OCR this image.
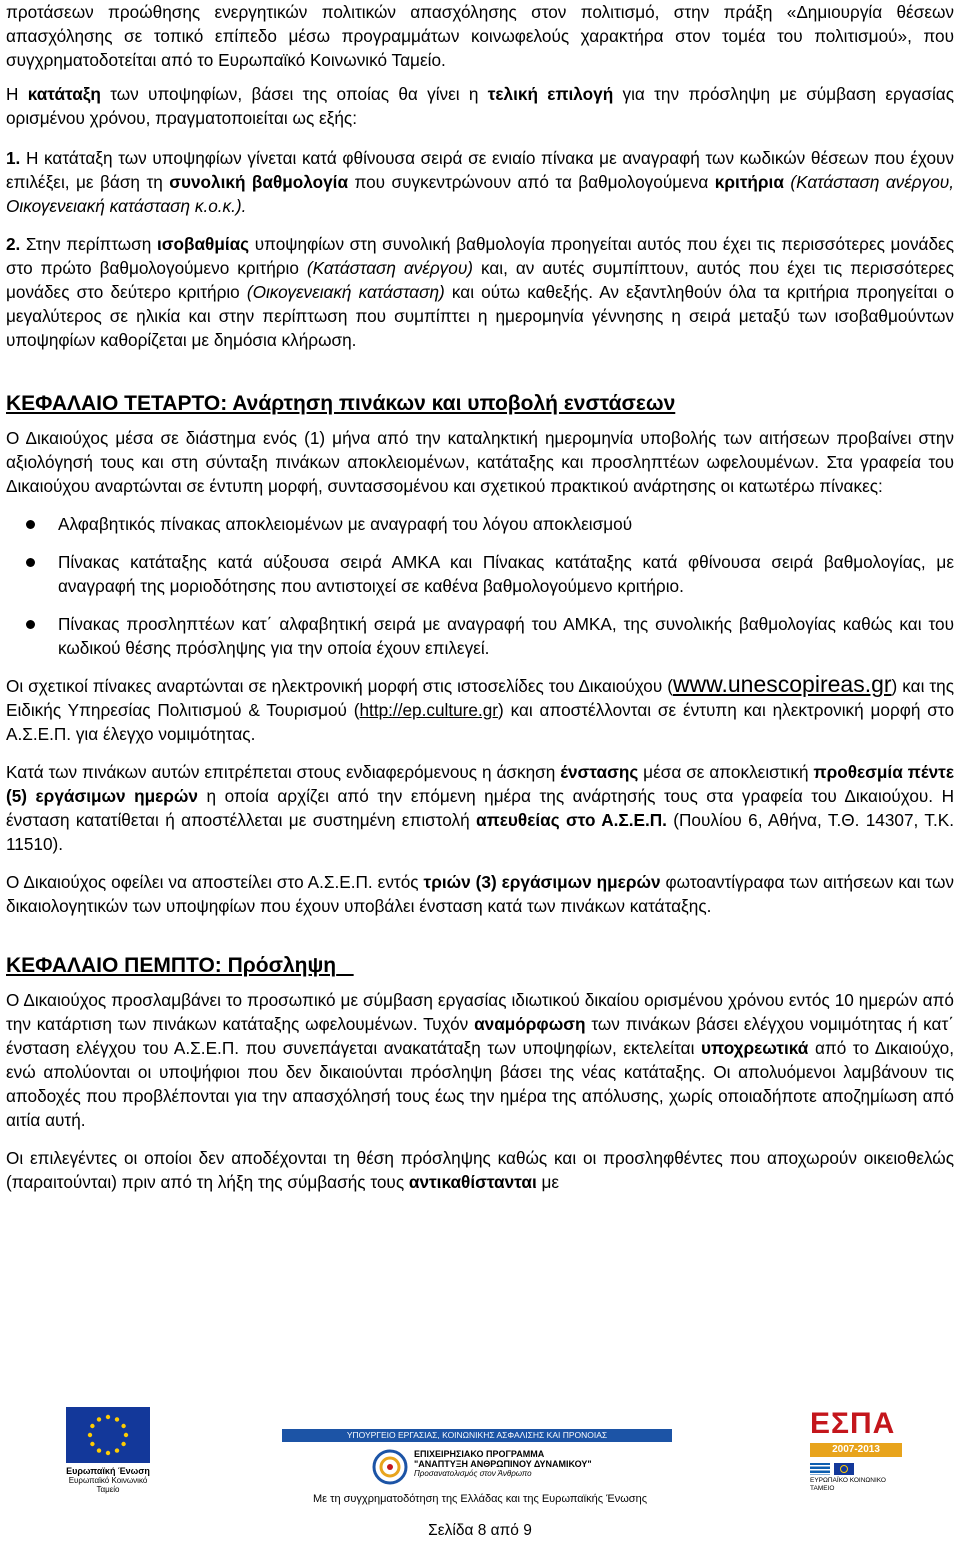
προτάσεων προώθησης ενεργητικών πολιτικών απασχόλησης στον πολιτισμό, στην πράξη «Δημιουργία θέσεων απασχόλησης σε τοπικό επίπεδο μέσω προγραμμάτων κοινωφελούς χαρακτήρα στον τομέα του πολιτισμού», που συγχρηματοδοτείται από το Ευρωπαϊκό Κοινωνικό Ταμείο.

Η κατάταξη των υποψηφίων, βάσει της οποίας θα γίνει η τελική επιλογή για την πρόσληψη με σύμβαση εργασίας ορισμένου χρόνου, πραγματοποιείται ως εξής:

1. Η κατάταξη των υποψηφίων γίνεται κατά φθίνουσα σειρά σε ενιαίο πίνακα με αναγραφή των κωδικών θέσεων που έχουν επιλέξει, με βάση τη συνολική βαθμολογία που συγκεντρώνουν από τα βαθμολογούμενα κριτήρια (Κατάσταση ανέργου, Οικογενειακή κατάσταση κ.ο.κ.).

2. Στην περίπτωση ισοβαθμίας υποψηφίων στη συνολική βαθμολογία προηγείται αυτός που έχει τις περισσότερες μονάδες στο πρώτο βαθμολογούμενο κριτήριο (Κατάσταση ανέργου) και, αν αυτές συμπίπτουν, αυτός που έχει τις περισσότερες μονάδες στο δεύτερο κριτήριο (Οικογενειακή κατάσταση) και ούτω καθεξής. Αν εξαντληθούν όλα τα κριτήρια προηγείται ο μεγαλύτερος σε ηλικία και στην περίπτωση που συμπίπτει η ημερομηνία γέννησης η σειρά μεταξύ των ισοβαθμούντων υποψηφίων καθορίζεται με δημόσια κλήρωση.

ΚΕΦΑΛΑΙΟ ΤΕΤΑΡΤΟ: Ανάρτηση πινάκων και υποβολή ενστάσεων

Ο Δικαιούχος μέσα σε διάστημα ενός (1) μήνα από την καταληκτική ημερομηνία υποβολής των αιτήσεων προβαίνει στην αξιολόγησή τους και στη σύνταξη πινάκων αποκλειομένων, κατάταξης και προσληπτέων ωφελουμένων. Στα γραφεία του Δικαιούχου αναρτώνται σε έντυπη μορφή, συντασσομένου και σχετικού πρακτικού ανάρτησης οι κατωτέρω πίνακες:

Αλφαβητικός πίνακας αποκλειομένων με αναγραφή του λόγου αποκλεισμού
Πίνακας κατάταξης κατά αύξουσα σειρά ΑΜΚΑ και Πίνακας κατάταξης κατά φθίνουσα σειρά βαθμολογίας, με αναγραφή της μοριοδότησης που αντιστοιχεί σε καθένα βαθμολογούμενο κριτήριο.
Πίνακας προσληπτέων κατ΄ αλφαβητική σειρά με αναγραφή του ΑΜΚΑ, της συνολικής βαθμολογίας καθώς και του κωδικού θέσης πρόσληψης για την οποία έχουν επιλεγεί.

Οι σχετικοί πίνακες αναρτώνται σε ηλεκτρονική μορφή στις ιστοσελίδες του Δικαιούχου (www.unescopireas.gr) και της Ειδικής Υπηρεσίας Πολιτισμού & Τουρισμού (http://ep.culture.gr) και αποστέλλονται σε έντυπη και ηλεκτρονική μορφή στο Α.Σ.Ε.Π. για έλεγχο νομιμότητας.

Κατά των πινάκων αυτών επιτρέπεται στους ενδιαφερόμενους η άσκηση ένστασης μέσα σε αποκλειστική προθεσμία πέντε (5) εργάσιμων ημερών η οποία αρχίζει από την επόμενη ημέρα της ανάρτησής τους στα γραφεία του Δικαιούχου. Η ένσταση κατατίθεται ή αποστέλλεται με συστημένη επιστολή απευθείας στο Α.Σ.Ε.Π. (Πουλίου 6, Αθήνα, Τ.Θ. 14307, Τ.Κ. 11510).

Ο Δικαιούχος οφείλει να αποστείλει στο Α.Σ.Ε.Π. εντός τριών (3) εργάσιμων ημερών φωτοαντίγραφα των αιτήσεων και των δικαιολογητικών των υποψηφίων που έχουν υποβάλει ένσταση κατά των πινάκων κατάταξης.

ΚΕΦΑΛΑΙΟ ΠΕΜΠΤΟ: Πρόσληψη

Ο Δικαιούχος προσλαμβάνει το προσωπικό με σύμβαση εργασίας ιδιωτικού δικαίου ορισμένου χρόνου εντός 10 ημερών από την κατάρτιση των πινάκων κατάταξης ωφελουμένων. Τυχόν αναμόρφωση των πινάκων βάσει ελέγχου νομιμότητας ή κατ΄ ένσταση ελέγχου του Α.Σ.Ε.Π. που συνεπάγεται ανακατάταξη των υποψηφίων, εκτελείται υποχρεωτικά από το Δικαιούχο, ενώ απολύονται οι υποψήφιοι που δεν δικαιούνται πρόσληψη βάσει της νέας κατάταξης. Οι απολυόμενοι λαμβάνουν τις αποδοχές που προβλέπονται για την απασχόλησή τους έως την ημέρα της απόλυσης, χωρίς οποιαδήποτε αποζημίωση από αιτία αυτή.

Οι επιλεγέντες οι οποίοι δεν αποδέχονται τη θέση πρόσληψης καθώς και οι προσληφθέντες που αποχωρούν οικειοθελώς (παραιτούνται) πριν από τη λήξη της σύμβασής τους αντικαθίστανται με

Ευρωπαϊκή Ένωση
Ευρωπαϊκό Κοινωνικό Ταμείο
ΥΠΟΥΡΓΕΙΟ ΕΡΓΑΣΙΑΣ, ΚΟΙΝΩΝΙΚΗΣ ΑΣΦΑΛΙΣΗΣ ΚΑΙ ΠΡΟΝΟΙΑΣ
ΕΠΙΧΕΙΡΗΣΙΑΚΟ ΠΡΟΓΡΑΜΜΑ
"ΑΝΑΠΤΥΞΗ ΑΝΘΡΩΠΙΝΟΥ ΔΥΝΑΜΙΚΟΥ"
Προσανατολισμός στον Άνθρωπο
ΕΣΠΑ
2007-2013
ΕΥΡΩΠΑΪΚΟ ΚΟΙΝΩΝΙΚΟ ΤΑΜΕΙΟ
Με τη συγχρηματοδότηση της Ελλάδας και της Ευρωπαϊκής Ένωσης
Σελίδα 8 από 9
